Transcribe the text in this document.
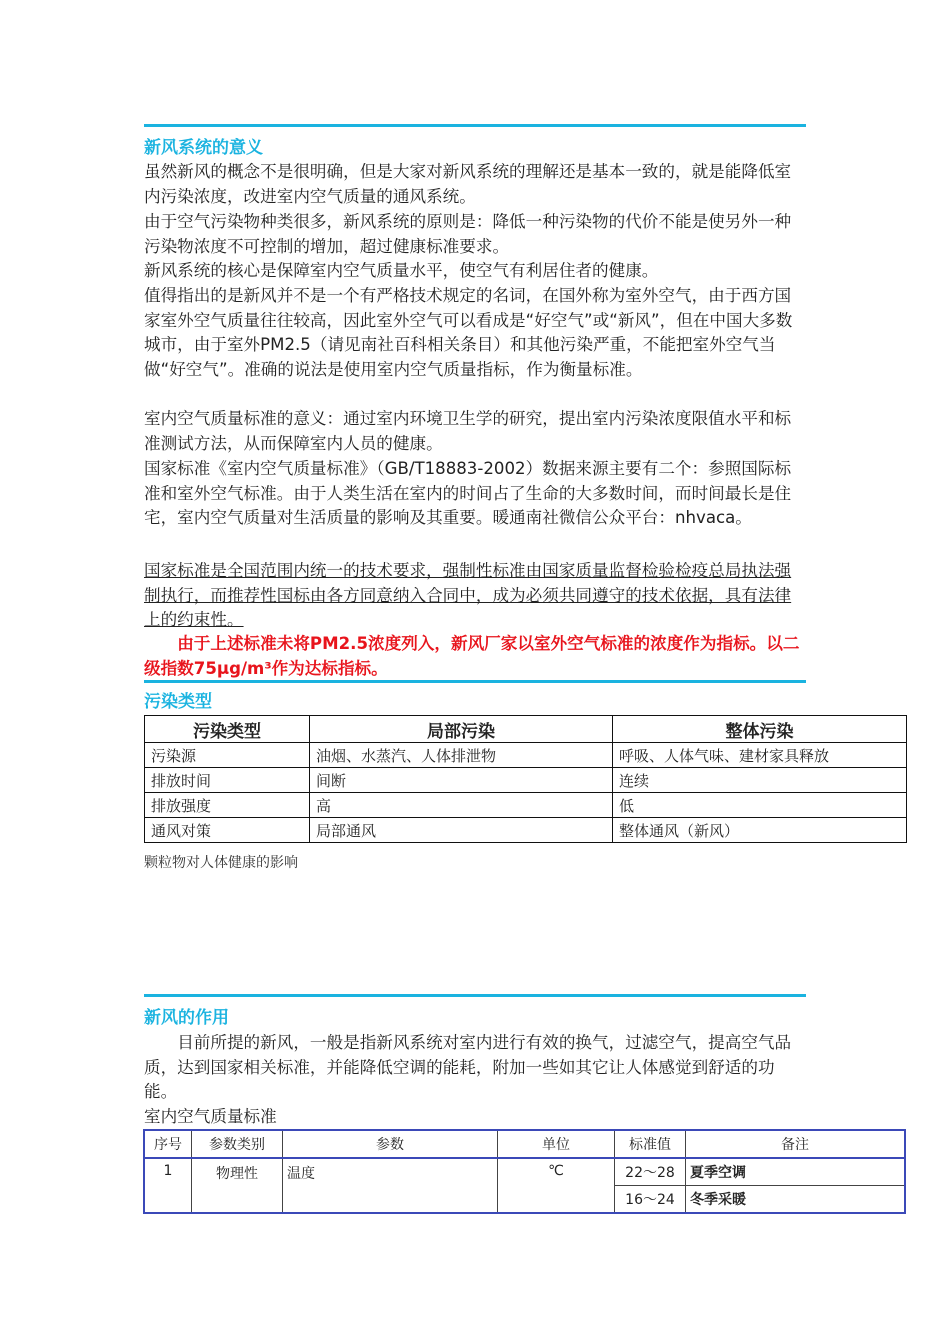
新风系统的意义

虽然新风的概念不是很明确，但是大家对新风系统的理解还是基本一致的，就是能降低室内污染浓度，改进室内空气质量的通风系统。

由于空气污染物种类很多，新风系统的原则是：降低一种污染物的代价不能是使另外一种污染物浓度不可控制的增加，超过健康标准要求。

新风系统的核心是保障室内空气质量水平，使空气有利居住者的健康。

值得指出的是新风并不是一个有严格技术规定的名词，在国外称为室外空气，由于西方国家室外空气质量往往较高，因此室外空气可以看成是“好空气”或“新风”，但在中国大多数城市，由于室外PM2.5（请见南社百科相关条目）和其他污染严重，不能把室外空气当做“好空气”。准确的说法是使用室内空气质量指标，作为衡量标准。

室内空气质量标准的意义：通过室内环境卫生学的研究，提出室内污染浓度限值水平和标准测试方法，从而保障室内人员的健康。

国家标准《室内空气质量标准》（GB/T18883-2002）数据来源主要有二个：参照国际标准和室外空气标准。由于人类生活在室内的时间占了生命的大多数时间，而时间最长是住宅，室内空气质量对生活质量的影响及其重要。暖通南社微信公众平台：nhvaca。

国家标准是全国范围内统一的技术要求，强制性标准由国家质量监督检验检疫总局执法强制执行，而推荐性国标由各方同意纳入合同中，成为必须共同遵守的技术依据，具有法律上的约束性。

由于上述标准未将PM2.5浓度列入，新风厂家以室外空气标准的浓度作为指标。以二级指数75μg/m³作为达标指标。

污染类型
污染类型	局部污染	整体污染
污染源	油烟、水蒸汽、人体排泄物	呼吸、人体气味、建材家具释放
排放时间	间断	连续
排放强度	高	低
通风对策	局部通风	整体通风（新风）
颗粒物对人体健康的影响
新风的作用

目前所提的新风，一般是指新风系统对室内进行有效的换气，过滤空气，提高空气品质，达到国家相关标准，并能降低空调的能耗，附加一些如其它让人体感觉到舒适的功能。

室内空气质量标准
序号	参数类别	参数	单位	标准值	备注
1	物理性	温度	℃	22～28	夏季空调
				16～24	冬季采暖
